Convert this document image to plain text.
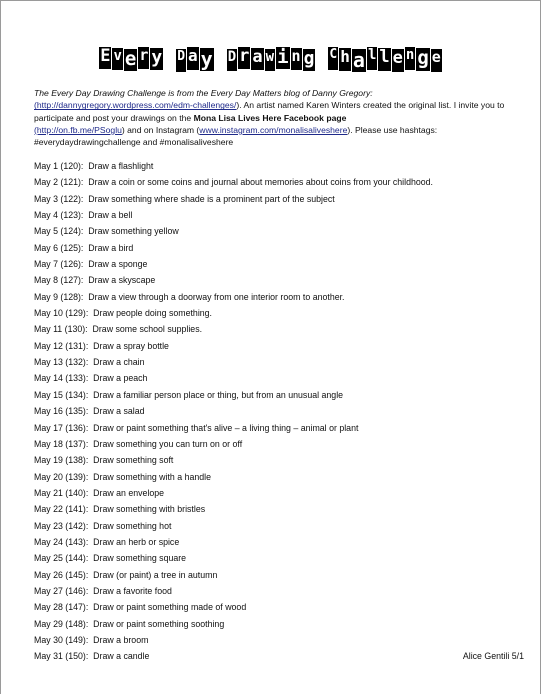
E v e r y D a y D r a w i n g C h a l l e n g e
The Every Day Drawing Challenge is from the Every Day Matters blog of Danny Gregory:
(http://dannygregory.wordpress.com/edm-challenges/). An artist named Karen Winters created the original list. I invite you to participate and post your drawings on the Mona Lisa Lives Here Facebook page
(http://on.fb.me/PSoglu) and on Instagram (www.instagram.com/monalisaliveshere). Please use hashtags: #everydaydrawingchallenge and #monalisaliveshere
May 1 (120): Draw a flashlight
May 2 (121): Draw a coin or some coins and journal about memories about coins from your childhood.
May 3 (122): Draw something where shade is a prominent part of the subject
May 4 (123): Draw a bell
May 5 (124): Draw something yellow
May 6 (125): Draw a bird
May 7 (126): Draw a sponge
May 8 (127): Draw a skyscape
May 9 (128): Draw a view through a doorway from one interior room to another.
May 10 (129): Draw people doing something.
May 11 (130): Draw some school supplies.
May 12 (131): Draw a spray bottle
May 13 (132): Draw a chain
May 14 (133): Draw a peach
May 15 (134): Draw a familiar person place or thing, but from an unusual angle
May 16 (135): Draw a salad
May 17 (136): Draw or paint something that's alive – a living thing – animal or plant
May 18 (137): Draw something you can turn on or off
May 19 (138): Draw something soft
May 20 (139): Draw something with a handle
May 21 (140): Draw an envelope
May 22 (141): Draw something with bristles
May 23 (142): Draw something hot
May 24 (143): Draw an herb or spice
May 25 (144): Draw something square
May 26 (145): Draw (or paint) a tree in autumn
May 27 (146): Draw a favorite food
May 28 (147): Draw or paint something made of wood
May 29 (148): Draw or paint something soothing
May 30 (149): Draw a broom
May 31 (150): Draw a candle	Alice Gentili 5/1
